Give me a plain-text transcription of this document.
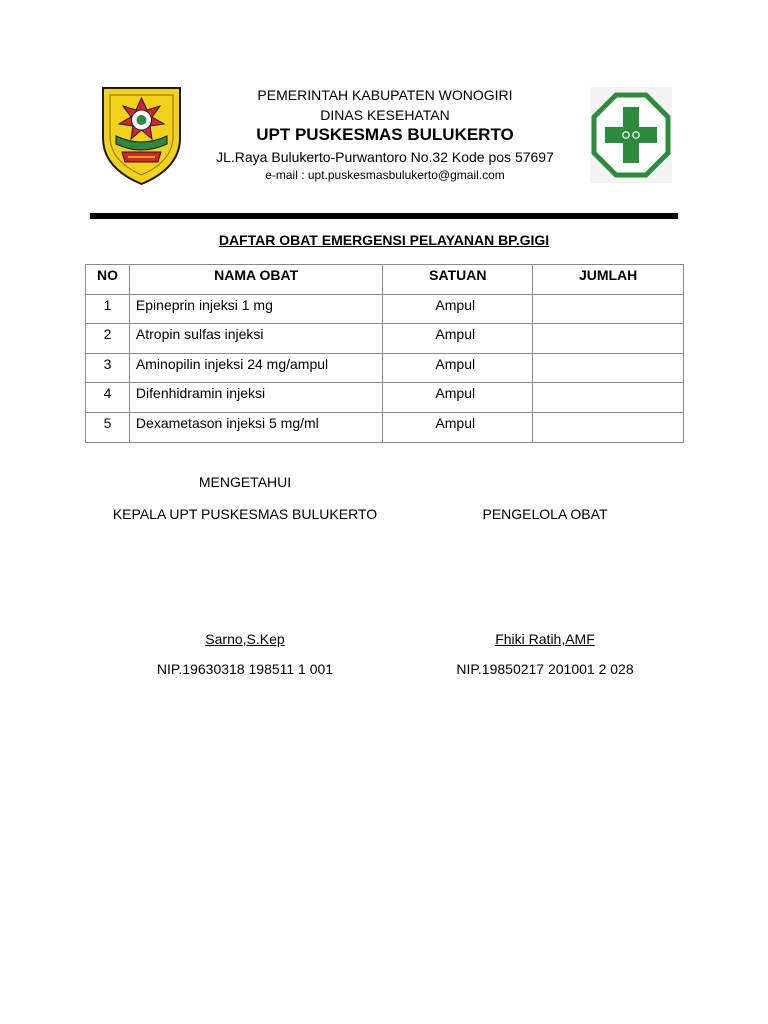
PEMERINTAH KABUPATEN WONOGIRI
DINAS KESEHATAN
UPT PUSKESMAS BULUKERTO
JL.Raya Bulukerto-Purwantoro No.32 Kode pos 57697
e-mail : upt.puskesmasbulukerto@gmail.com
DAFTAR OBAT EMERGENSI PELAYANAN BP.GIGI
NO	NAMA OBAT	SATUAN	JUMLAH
1	Epineprin injeksi 1 mg	Ampul	
2	Atropin sulfas injeksi	Ampul	
3	Aminopilin injeksi 24 mg/ampul	Ampul	
4	Difenhidramin injeksi	Ampul	
5	Dexametason injeksi 5 mg/ml	Ampul	
MENGETAHUI
KEPALA UPT PUSKESMAS BULUKERTO	PENGELOLA OBAT
Sarno,S.Kep	Fhiki Ratih,AMF
NIP.19630318 198511 1 001	NIP.19850217 201001 2 028
